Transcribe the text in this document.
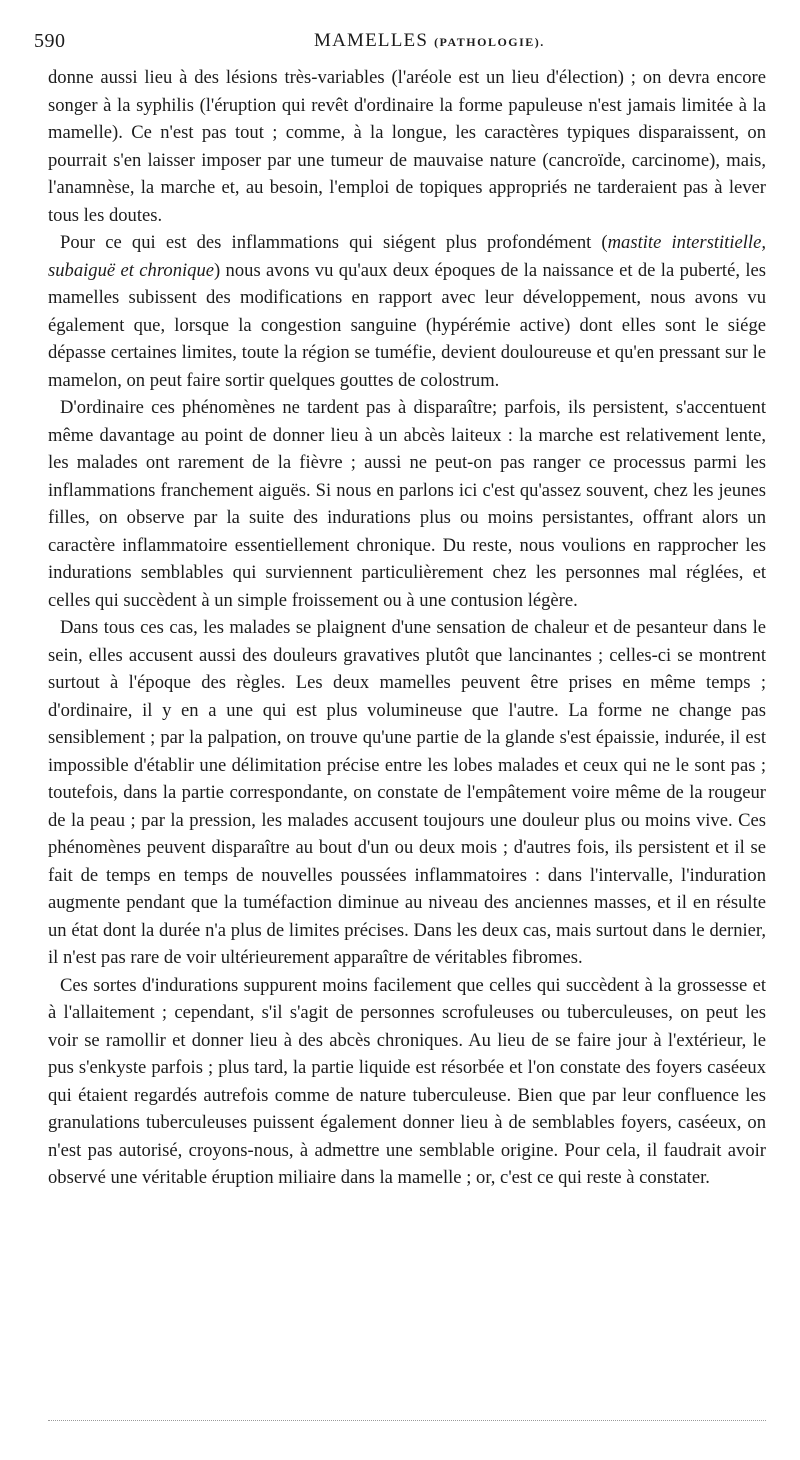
590	MAMELLES (PATHOLOGIE).

donne aussi lieu à des lésions très-variables (l'aréole est un lieu d'élection) ; on devra encore songer à la syphilis (l'éruption qui revêt d'ordinaire la forme papuleuse n'est jamais limitée à la mamelle). Ce n'est pas tout ; comme, à la longue, les caractères typiques disparaissent, on pourrait s'en laisser imposer par une tumeur de mauvaise nature (cancroïde, carcinome), mais, l'anamnèse, la marche et, au besoin, l'emploi de topiques appropriés ne tarderaient pas à lever tous les doutes.

Pour ce qui est des inflammations qui siégent plus profondément (mastite interstitielle, subaiguë et chronique) nous avons vu qu'aux deux époques de la naissance et de la puberté, les mamelles subissent des modifications en rapport avec leur développement, nous avons vu également que, lorsque la congestion sanguine (hypérémie active) dont elles sont le siége dépasse certaines limites, toute la région se tuméfie, devient douloureuse et qu'en pressant sur le mamelon, on peut faire sortir quelques gouttes de colostrum.

D'ordinaire ces phénomènes ne tardent pas à disparaître; parfois, ils persistent, s'accentuent même davantage au point de donner lieu à un abcès laiteux : la marche est relativement lente, les malades ont rarement de la fièvre ; aussi ne peut-on pas ranger ce processus parmi les inflammations franchement aiguës. Si nous en parlons ici c'est qu'assez souvent, chez les jeunes filles, on observe par la suite des indurations plus ou moins persistantes, offrant alors un caractère inflammatoire essentiellement chronique. Du reste, nous voulions en rapprocher les indurations semblables qui surviennent particulièrement chez les personnes mal réglées, et celles qui succèdent à un simple froissement ou à une contusion légère.

Dans tous ces cas, les malades se plaignent d'une sensation de chaleur et de pesanteur dans le sein, elles accusent aussi des douleurs gravatives plutôt que lancinantes ; celles-ci se montrent surtout à l'époque des règles. Les deux mamelles peuvent être prises en même temps ; d'ordinaire, il y en a une qui est plus volumineuse que l'autre. La forme ne change pas sensiblement ; par la palpation, on trouve qu'une partie de la glande s'est épaissie, indurée, il est impossible d'établir une délimitation précise entre les lobes malades et ceux qui ne le sont pas ; toutefois, dans la partie correspondante, on constate de l'empâtement voire même de la rougeur de la peau ; par la pression, les malades accusent toujours une douleur plus ou moins vive. Ces phénomènes peuvent disparaître au bout d'un ou deux mois ; d'autres fois, ils persistent et il se fait de temps en temps de nouvelles poussées inflammatoires : dans l'intervalle, l'induration augmente pendant que la tuméfaction diminue au niveau des anciennes masses, et il en résulte un état dont la durée n'a plus de limites précises. Dans les deux cas, mais surtout dans le dernier, il n'est pas rare de voir ultérieurement apparaître de véritables fibromes.

Ces sortes d'indurations suppurent moins facilement que celles qui succèdent à la grossesse et à l'allaitement ; cependant, s'il s'agit de personnes scrofuleuses ou tuberculeuses, on peut les voir se ramollir et donner lieu à des abcès chroniques. Au lieu de se faire jour à l'extérieur, le pus s'enkyste parfois ; plus tard, la partie liquide est résorbée et l'on constate des foyers caséeux qui étaient regardés autrefois comme de nature tuberculeuse. Bien que par leur confluence les granulations tuberculeuses puissent également donner lieu à de semblables foyers, caséeux, on n'est pas autorisé, croyons-nous, à admettre une semblable origine. Pour cela, il faudrait avoir observé une véritable éruption miliaire dans la mamelle ; or, c'est ce qui reste à constater.
